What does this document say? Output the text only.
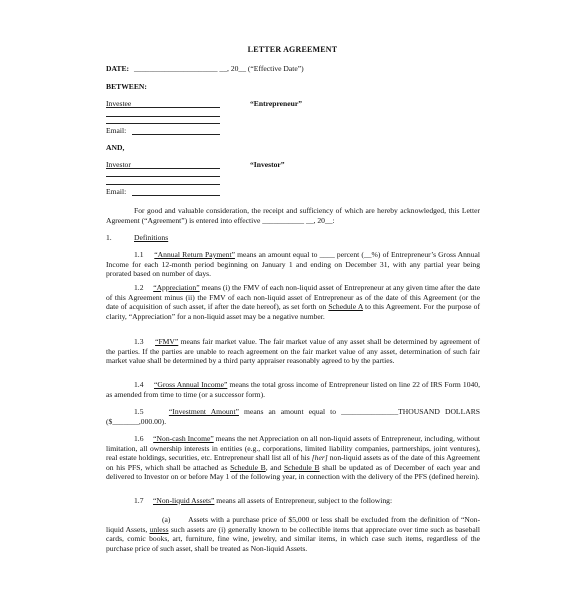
LETTER AGREEMENT
DATE: ______________________ __, 20__ (“Effective Date”)
BETWEEN:
Investee	“Entrepreneur”
Email:
AND,
Investor	“Investor”
Email:
For good and valuable consideration, the receipt and sufficiency of which are hereby acknowledged, this Letter Agreement (“Agreement”) is entered into effective ___________ __, 20__:
1.	Definitions
1.1 “Annual Return Payment” means an amount equal to ____ percent (__%) of Entrepreneur’s Gross Annual Income for each 12-month period beginning on January 1 and ending on December 31, with any partial year being prorated based on number of days.
1.2 “Appreciation” means (i) the FMV of each non-liquid asset of Entrepreneur at any given time after the date of this Agreement minus (ii) the FMV of each non-liquid asset of Entrepreneur as of the date of this Agreement (or the date of acquisition of such asset, if after the date hereof), as set forth on Schedule A to this Agreement. For the purpose of clarity, “Appreciation” for a non-liquid asset may be a negative number.
1.3 “FMV” means fair market value. The fair market value of any asset shall be determined by agreement of the parties. If the parties are unable to reach agreement on the fair market value of any asset, determination of such fair market value shall be determined by a third party appraiser reasonably agreed to by the parties.
1.4 “Gross Annual Income” means the total gross income of Entrepreneur listed on line 22 of IRS Form 1040, as amended from time to time (or a successor form).
1.5	“Investment Amount” means an amount equal to _______________THOUSAND DOLLARS ($_______,000.00).
1.6 “Non-cash Income” means the net Appreciation on all non-liquid assets of Entrepreneur, including, without limitation, all ownership interests in entities (e.g., corporations, limited liability companies, partnerships, joint ventures), real estate holdings, securities, etc. Entrepreneur shall list all of his [her] non-liquid assets as of the date of this Agreement on his PFS, which shall be attached as Schedule B, and Schedule B shall be updated as of December of each year and delivered to Investor on or before May 1 of the following year, in connection with the delivery of the PFS (defined herein).
1.7 “Non-liquid Assets” means all assets of Entrepreneur, subject to the following:
(a) Assets with a purchase price of $5,000 or less shall be excluded from the definition of “Non-liquid Assets, unless such assets are (i) generally known to be collectible items that appreciate over time such as baseball cards, comic books, art, furniture, fine wine, jewelry, and similar items, in which case such items, regardless of the purchase price of such asset, shall be treated as Non-liquid Assets.
